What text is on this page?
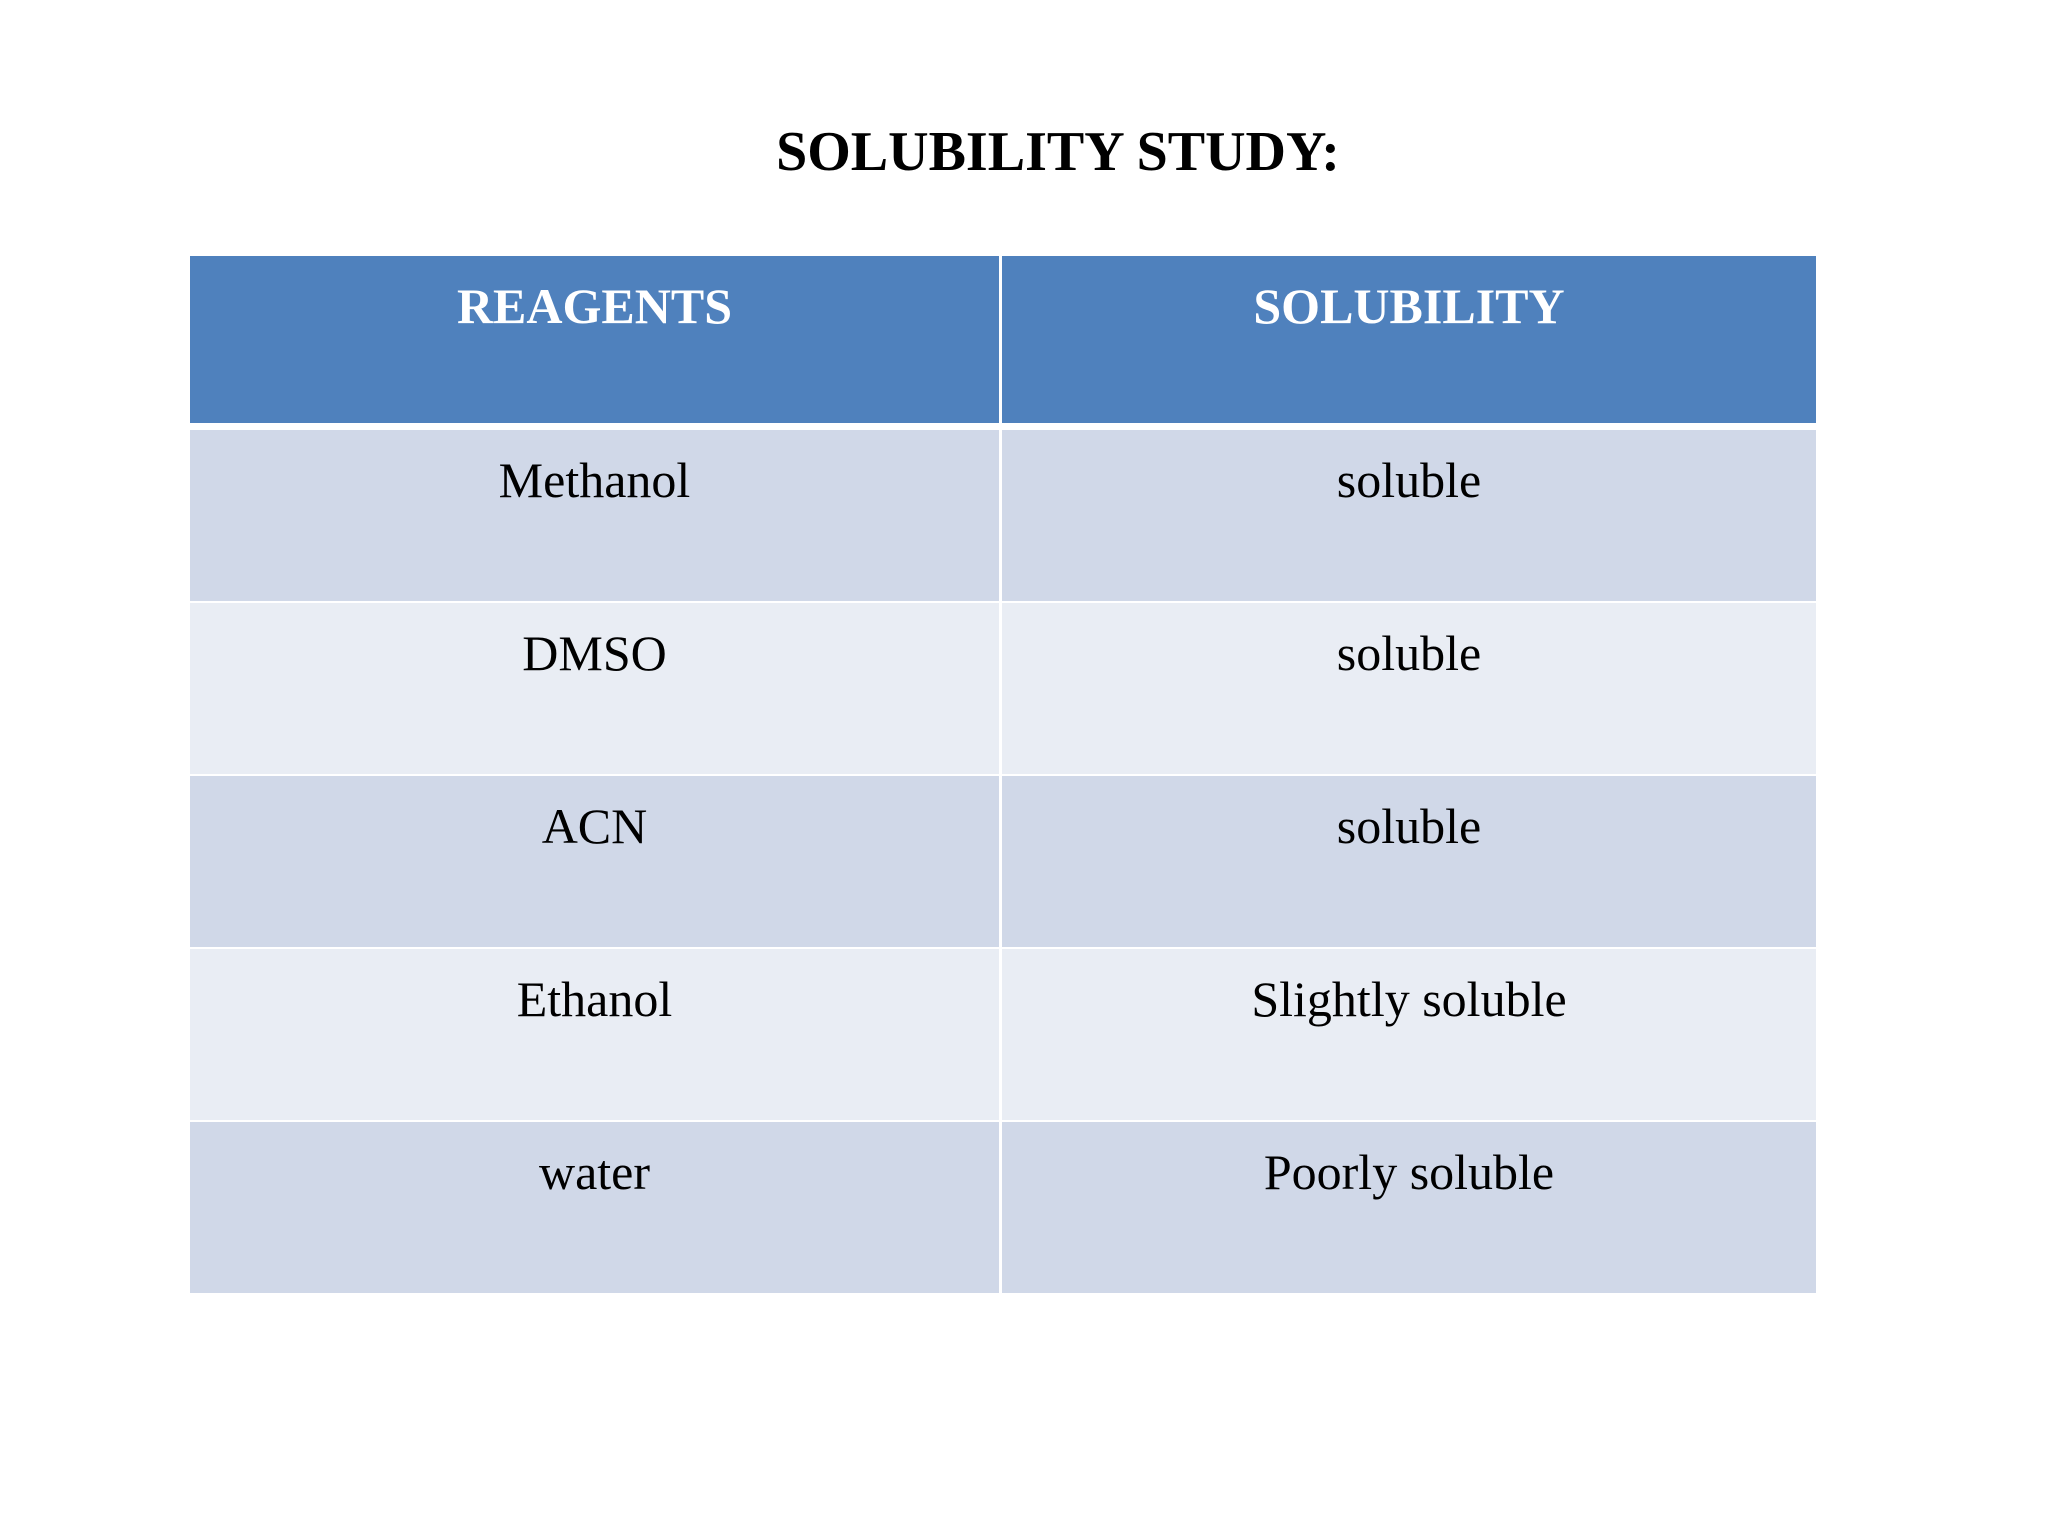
SOLUBILITY STUDY:
REAGENTS	SOLUBILITY
Methanol	soluble
DMSO	soluble
ACN	soluble
Ethanol	Slightly soluble
water	Poorly soluble
